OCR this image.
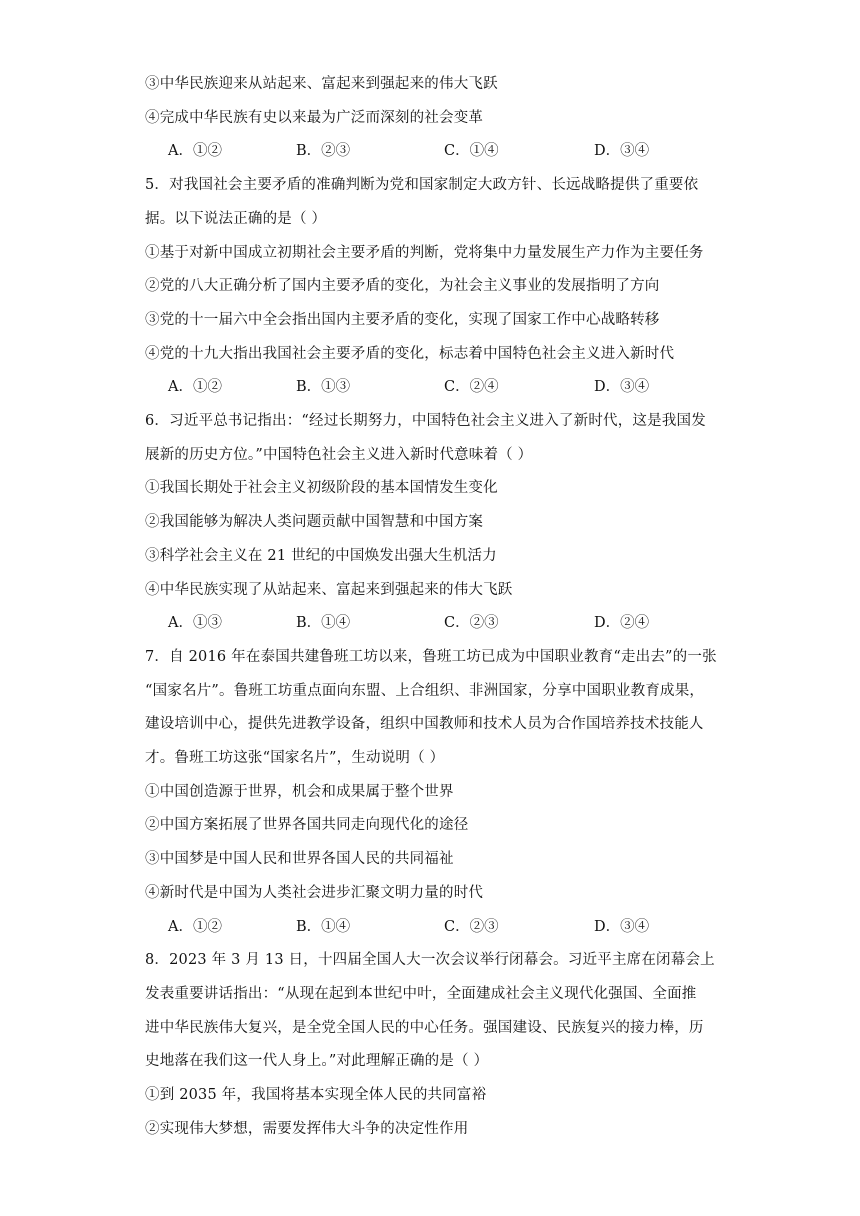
③中华民族迎来从站起来、富起来到强起来的伟大飞跃
④完成中华民族有史以来最为广泛而深刻的社会变革
A．①②	B．②③	C．①④	D．③④
5．对我国社会主要矛盾的准确判断为党和国家制定大政方针、长远战略提供了重要依
据。以下说法正确的是（ ）
①基于对新中国成立初期社会主要矛盾的判断，党将集中力量发展生产力作为主要任务
②党的八大正确分析了国内主要矛盾的变化，为社会主义事业的发展指明了方向
③党的十一届六中全会指出国内主要矛盾的变化，实现了国家工作中心战略转移
④党的十九大指出我国社会主要矛盾的变化，标志着中国特色社会主义进入新时代
A．①②	B．①③	C．②④	D．③④
6．习近平总书记指出：“经过长期努力，中国特色社会主义进入了新时代，这是我国发
展新的历史方位。”中国特色社会主义进入新时代意味着（ ）
①我国长期处于社会主义初级阶段的基本国情发生变化
②我国能够为解决人类问题贡献中国智慧和中国方案
③科学社会主义在 21 世纪的中国焕发出强大生机活力
④中华民族实现了从站起来、富起来到强起来的伟大飞跃
A．①③	B．①④	C．②③	D．②④
7．自 2016 年在泰国共建鲁班工坊以来，鲁班工坊已成为中国职业教育“走出去”的一张
“国家名片”。鲁班工坊重点面向东盟、上合组织、非洲国家，分享中国职业教育成果，
建设培训中心，提供先进教学设备，组织中国教师和技术人员为合作国培养技术技能人
才。鲁班工坊这张“国家名片”，生动说明（ ）
①中国创造源于世界，机会和成果属于整个世界
②中国方案拓展了世界各国共同走向现代化的途径
③中国梦是中国人民和世界各国人民的共同福祉
④新时代是中国为人类社会进步汇聚文明力量的时代
A．①②	B．①④	C．②③	D．③④
8．2023 年 3 月 13 日，十四届全国人大一次会议举行闭幕会。习近平主席在闭幕会上
发表重要讲话指出：“从现在起到本世纪中叶，全面建成社会主义现代化强国、全面推
进中华民族伟大复兴，是全党全国人民的中心任务。强国建设、民族复兴的接力棒，历
史地落在我们这一代人身上。”对此理解正确的是（ ）
①到 2035 年，我国将基本实现全体人民的共同富裕
②实现伟大梦想，需要发挥伟大斗争的决定性作用
